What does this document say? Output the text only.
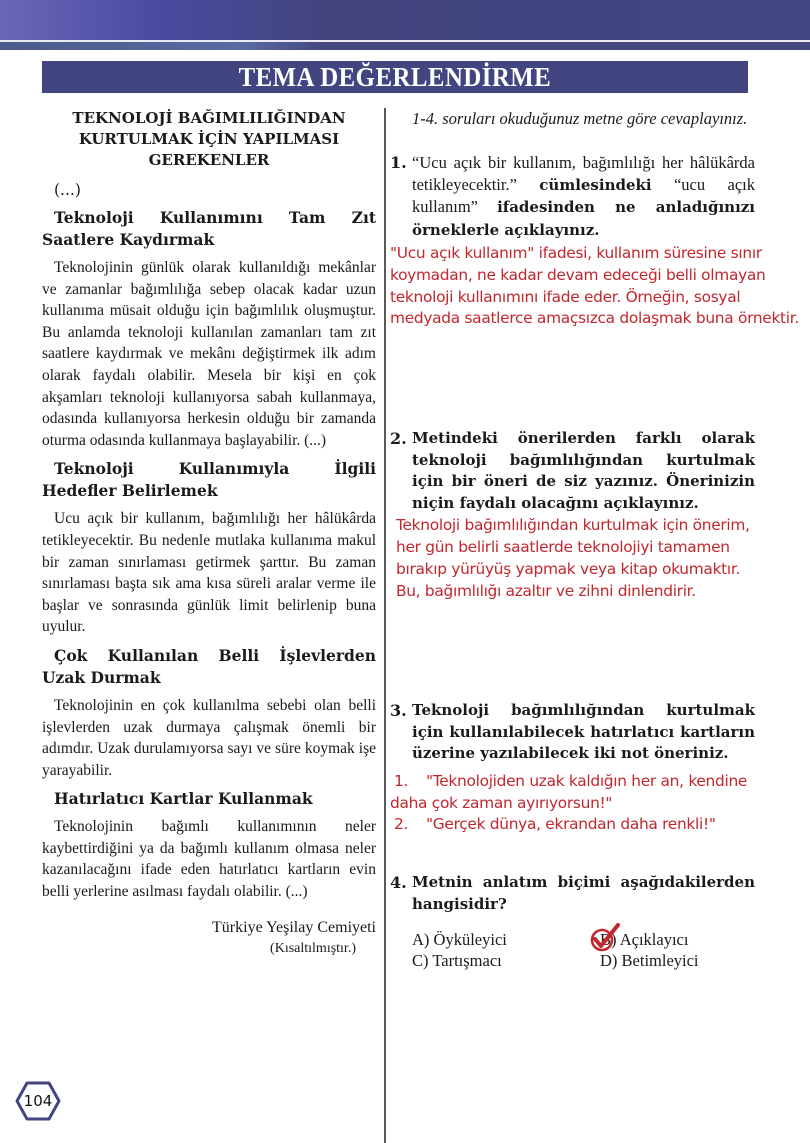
TEMA DEĞERLENDİRME
TEKNOLOJİ BAĞIMLILIĞINDAN
KURTULMAK İÇİN YAPILMASI
GEREKENLER
(...)
Teknoloji Kullanımını Tam Zıt Saatlere Kaydırmak
Teknolojinin günlük olarak kullanıldığı mekânlar ve zamanlar bağımlılığa sebep olacak kadar uzun kullanıma müsait olduğu için bağımlılık oluşmuştur. Bu anlamda teknoloji kullanılan zamanları tam zıt saatlere kaydırmak ve mekânı değiştirmek ilk adım olarak faydalı olabilir. Mesela bir kişi en çok akşamları teknoloji kullanıyorsa sabah kullanmaya, odasında kullanıyorsa herkesin olduğu bir zamanda oturma odasında kullanmaya başlayabilir. (...)
Teknoloji Kullanımıyla İlgili Hedefler Belirlemek
Ucu açık bir kullanım, bağımlılığı her hâlükârda tetikleyecektir. Bu nedenle mutlaka kullanıma makul bir zaman sınırlaması getirmek şarttır. Bu zaman sınırlaması başta sık ama kısa süreli aralar verme ile başlar ve sonrasında günlük limit belirlenip buna uyulur.
Çok Kullanılan Belli İşlevlerden Uzak Durmak
Teknolojinin en çok kullanılma sebebi olan belli işlevlerden uzak durmaya çalışmak önemli bir adımdır. Uzak durulamıyorsa sayı ve süre koymak işe yarayabilir.
Hatırlatıcı Kartlar Kullanmak
Teknolojinin bağımlı kullanımının neler kaybettirdiğini ya da bağımlı kullanım olmasa neler kazanılacağını ifade eden hatırlatıcı kartların evin belli yerlerine asılması faydalı olabilir. (...)
Türkiye Yeşilay Cemiyeti
(Kısaltılmıştır.)
1-4. soruları okuduğunuz metne göre cevaplayınız.
1. “Ucu açık bir kullanım, bağımlılığı her hâlükârda tetikleyecektir.” cümlesindeki “ucu açık kullanım” ifadesinden ne anladığınızı örneklerle açıklayınız.
"Ucu açık kullanım" ifadesi, kullanım süresine sınır
koymadan, ne kadar devam edeceği belli olmayan
teknoloji kullanımını ifade eder. Örneğin, sosyal
medyada saatlerce amaçsızca dolaşmak buna örnektir.
2. Metindeki önerilerden farklı olarak teknoloji bağımlılığından kurtulmak için bir öneri de siz yazınız. Önerinizin niçin faydalı olacağını açıklayınız.
Teknoloji bağımlılığından kurtulmak için önerim,
her gün belirli saatlerde teknolojiyi tamamen
bırakıp yürüyüş yapmak veya kitap okumaktır.
Bu, bağımlılığı azaltır ve zihni dinlendirir.
3. Teknoloji bağımlılığından kurtulmak için kullanılabilecek hatırlatıcı kartların üzerine yazılabilecek iki not öneriniz.
1. "Teknolojiden uzak kaldığın her an, kendine
daha çok zaman ayırıyorsun!"
2. "Gerçek dünya, ekrandan daha renkli!"
4. Metnin anlatım biçimi aşağıdakilerden hangisidir?
A) Öyküleyici	B) Açıklayıcı
C) Tartışmacı	D) Betimleyici
104
